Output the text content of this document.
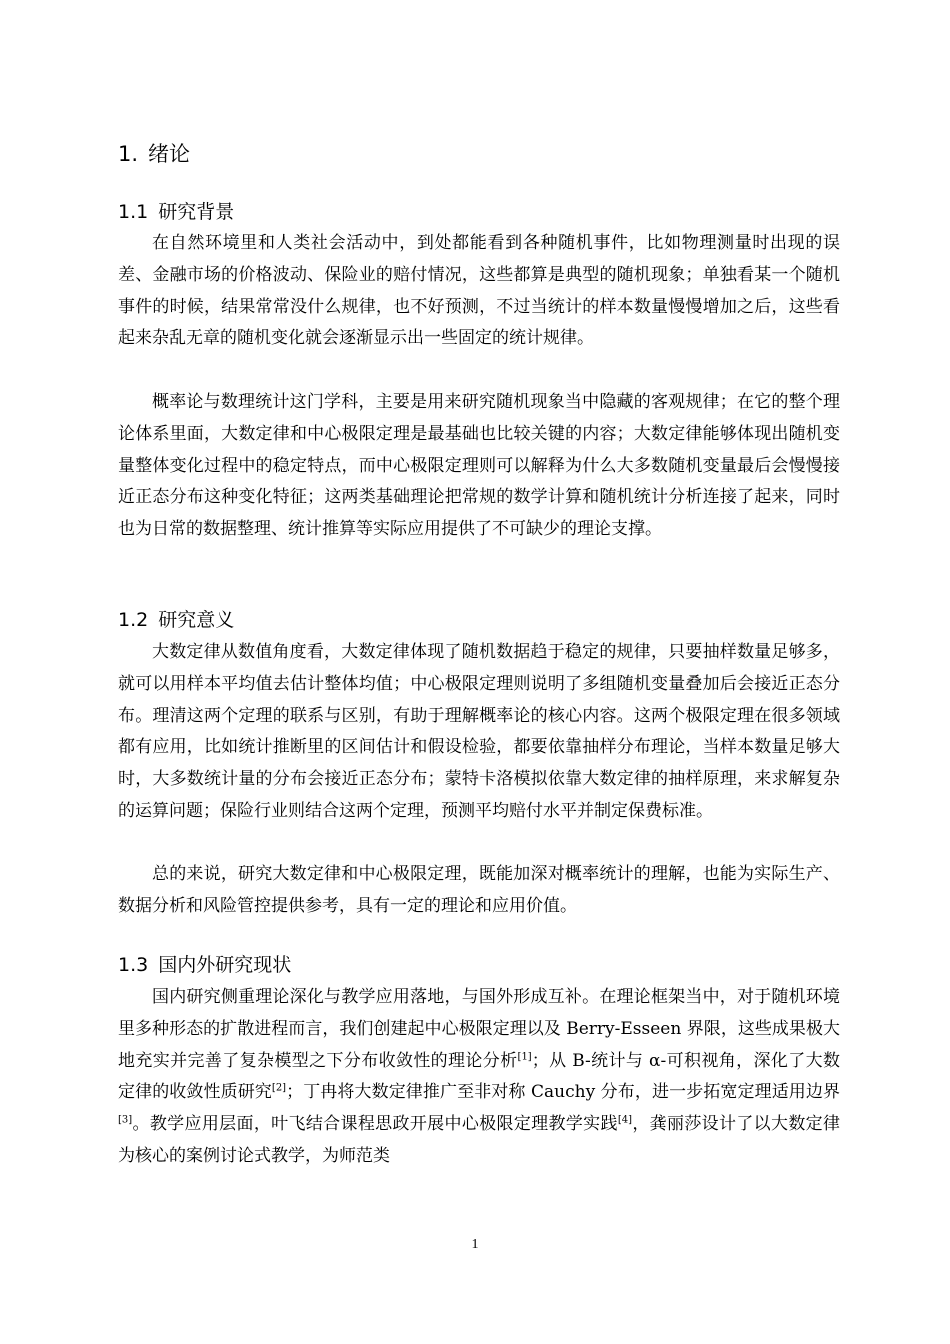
1. 绪论
1.1 研究背景

在自然环境里和人类社会活动中，到处都能看到各种随机事件，比如物理测量时出现的误差、金融市场的价格波动、保险业的赔付情况，这些都算是典型的随机现象；单独看某一个随机事件的时候，结果常常没什么规律，也不好预测，不过当统计的样本数量慢慢增加之后，这些看起来杂乱无章的随机变化就会逐渐显示出一些固定的统计规律。

概率论与数理统计这门学科，主要是用来研究随机现象当中隐藏的客观规律；在它的整个理论体系里面，大数定律和中心极限定理是最基础也比较关键的内容；大数定律能够体现出随机变量整体变化过程中的稳定特点，而中心极限定理则可以解释为什么大多数随机变量最后会慢慢接近正态分布这种变化特征；这两类基础理论把常规的数学计算和随机统计分析连接了起来，同时也为日常的数据整理、统计推算等实际应用提供了不可缺少的理论支撑。

1.2 研究意义

大数定律从数值角度看，大数定律体现了随机数据趋于稳定的规律，只要抽样数量足够多，就可以用样本平均值去估计整体均值；中心极限定理则说明了多组随机变量叠加后会接近正态分布。理清这两个定理的联系与区别，有助于理解概率论的核心内容。这两个极限定理在很多领域都有应用，比如统计推断里的区间估计和假设检验，都要依靠抽样分布理论，当样本数量足够大时，大多数统计量的分布会接近正态分布；蒙特卡洛模拟依靠大数定律的抽样原理，来求解复杂的运算问题；保险行业则结合这两个定理，预测平均赔付水平并制定保费标准。

总的来说，研究大数定律和中心极限定理，既能加深对概率统计的理解，也能为实际生产、数据分析和风险管控提供参考，具有一定的理论和应用价值。

1.3 国内外研究现状

国内研究侧重理论深化与教学应用落地，与国外形成互补。在理论框架当中，对于随机环境里多种形态的扩散进程而言，我们创建起中心极限定理以及 Berry-Esseen 界限，这些成果极大地充实并完善了复杂模型之下分布收敛性的理论分析[1]；从 B-统计与 α-可积视角，深化了大数定律的收敛性质研究[2]；丁冉将大数定律推广至非对称 Cauchy 分布，进一步拓宽定理适用边界[3]。教学应用层面，叶飞结合课程思政开展中心极限定理教学实践[4]，龚丽莎设计了以大数定律为核心的案例讨论式教学，为师范类

1
